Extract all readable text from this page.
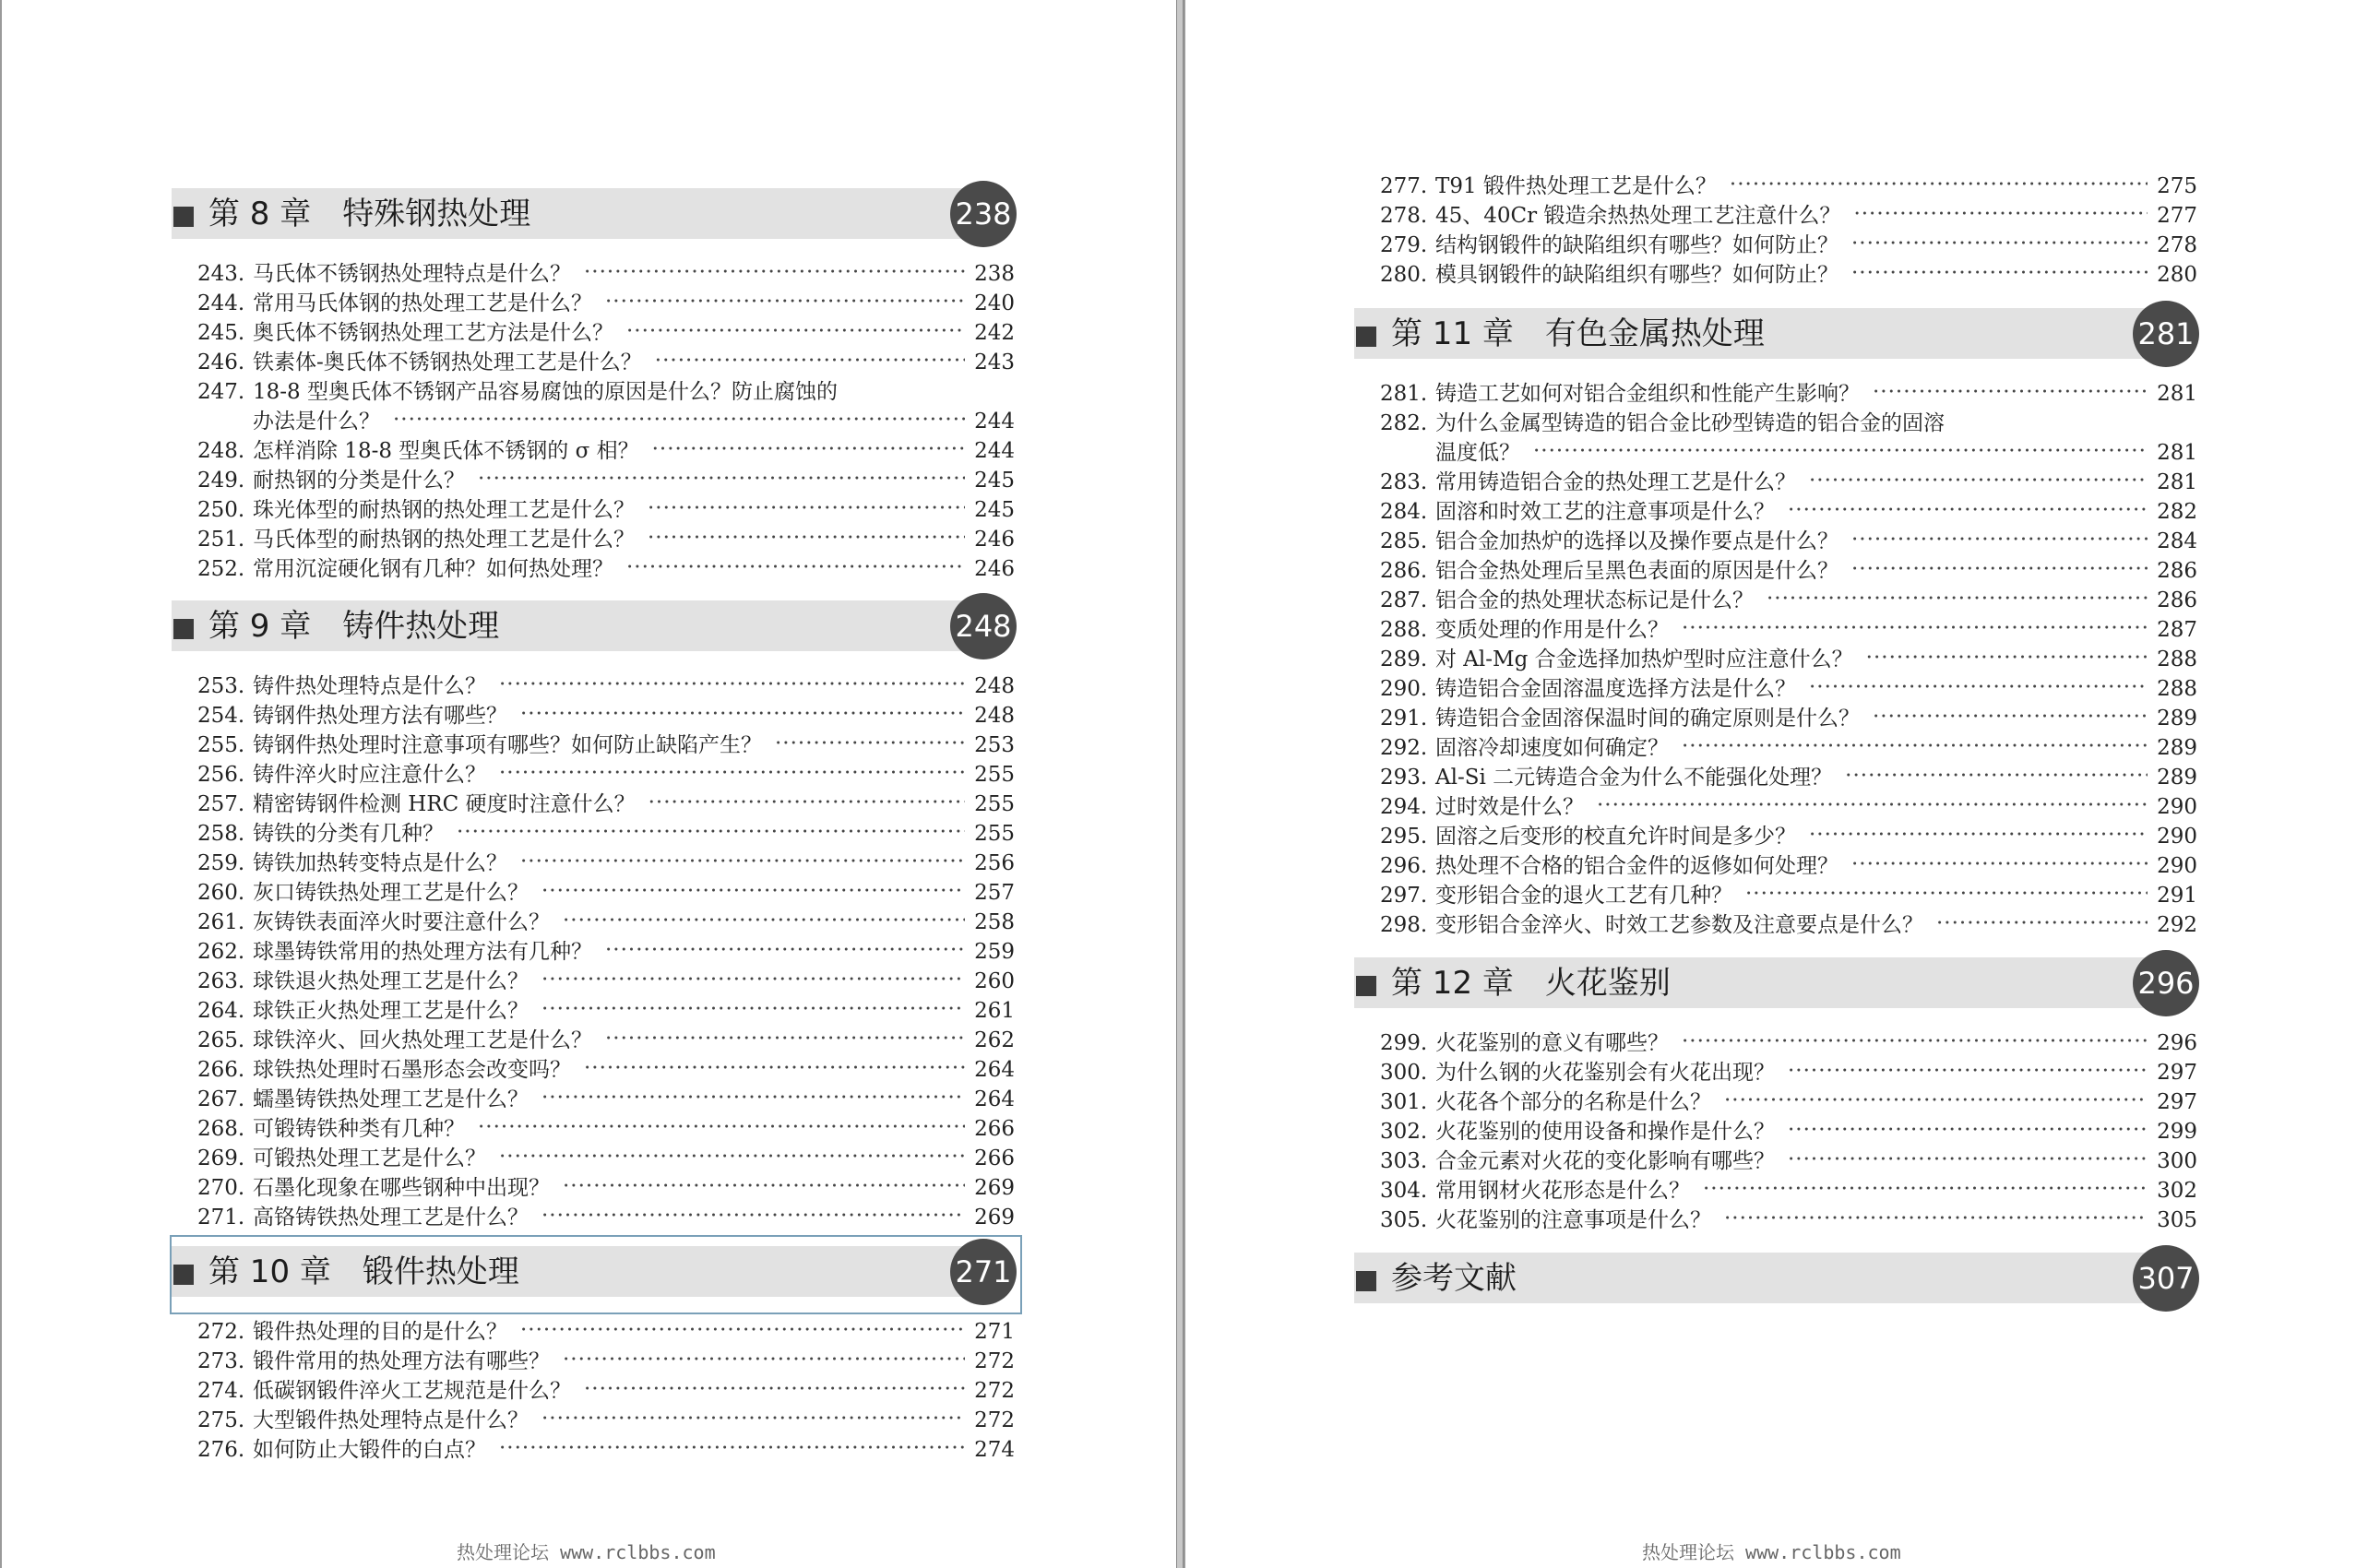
第 8 章　特殊钢热处理	238
243. 马氏体不锈钢热处理特点是什么？ ·····	238
244. 常用马氏体钢的热处理工艺是什么？ ·····	240
245. 奥氏体不锈钢热处理工艺方法是什么？ ·····	242
246. 铁素体-奥氏体不锈钢热处理工艺是什么？ ·····	243
247. 18-8 型奥氏体不锈钢产品容易腐蚀的原因是什么？防止腐蚀的
办法是什么？ ·····	244
248. 怎样消除 18-8 型奥氏体不锈钢的 σ 相？ ·····	244
249. 耐热钢的分类是什么？ ·····	245
250. 珠光体型的耐热钢的热处理工艺是什么？ ·····	245
251. 马氏体型的耐热钢的热处理工艺是什么？ ·····	246
252. 常用沉淀硬化钢有几种？如何热处理？ ·····	246
第 9 章　铸件热处理	248
253. 铸件热处理特点是什么？ ·····	248
254. 铸钢件热处理方法有哪些？ ·····	248
255. 铸钢件热处理时注意事项有哪些？如何防止缺陷产生？ ·····	253
256. 铸件淬火时应注意什么？ ·····	255
257. 精密铸钢件检测 HRC 硬度时注意什么？ ·····	255
258. 铸铁的分类有几种？ ·····	255
259. 铸铁加热转变特点是什么？ ·····	256
260. 灰口铸铁热处理工艺是什么？ ·····	257
261. 灰铸铁表面淬火时要注意什么？ ·····	258
262. 球墨铸铁常用的热处理方法有几种？ ·····	259
263. 球铁退火热处理工艺是什么？ ·····	260
264. 球铁正火热处理工艺是什么？ ·····	261
265. 球铁淬火、回火热处理工艺是什么？ ·····	262
266. 球铁热处理时石墨形态会改变吗？ ·····	264
267. 蠕墨铸铁热处理工艺是什么？ ·····	264
268. 可锻铸铁种类有几种？ ·····	266
269. 可锻热处理工艺是什么？ ·····	266
270. 石墨化现象在哪些钢种中出现？ ·····	269
271. 高铬铸铁热处理工艺是什么？ ·····	269
第 10 章　锻件热处理	271
272. 锻件热处理的目的是什么？ ·····	271
273. 锻件常用的热处理方法有哪些？ ·····	272
274. 低碳钢锻件淬火工艺规范是什么？ ·····	272
275. 大型锻件热处理特点是什么？ ·····	272
276. 如何防止大锻件的白点？ ·····	274
热处理论坛 www.rclbbs.com
277. T91 锻件热处理工艺是什么？ ·····	275
278. 45、40Cr 锻造余热热处理工艺注意什么？ ·····	277
279. 结构钢锻件的缺陷组织有哪些？如何防止？ ·····	278
280. 模具钢锻件的缺陷组织有哪些？如何防止？ ·····	280
第 11 章　有色金属热处理	281
281. 铸造工艺如何对铝合金组织和性能产生影响？ ·····	281
282. 为什么金属型铸造的铝合金比砂型铸造的铝合金的固溶
温度低？ ·····	281
283. 常用铸造铝合金的热处理工艺是什么？ ·····	281
284. 固溶和时效工艺的注意事项是什么？ ·····	282
285. 铝合金加热炉的选择以及操作要点是什么？ ·····	284
286. 铝合金热处理后呈黑色表面的原因是什么？ ·····	286
287. 铝合金的热处理状态标记是什么？ ·····	286
288. 变质处理的作用是什么？ ·····	287
289. 对 Al-Mg 合金选择加热炉型时应注意什么？ ·····	288
290. 铸造铝合金固溶温度选择方法是什么？ ·····	288
291. 铸造铝合金固溶保温时间的确定原则是什么？ ·····	289
292. 固溶冷却速度如何确定？ ·····	289
293. Al-Si 二元铸造合金为什么不能强化处理？ ·····	289
294. 过时效是什么？ ·····	290
295. 固溶之后变形的校直允许时间是多少？ ·····	290
296. 热处理不合格的铝合金件的返修如何处理？ ·····	290
297. 变形铝合金的退火工艺有几种？ ·····	291
298. 变形铝合金淬火、时效工艺参数及注意要点是什么？ ·····	292
第 12 章　火花鉴别	296
299. 火花鉴别的意义有哪些？ ·····	296
300. 为什么钢的火花鉴别会有火花出现？ ·····	297
301. 火花各个部分的名称是什么？ ·····	297
302. 火花鉴别的使用设备和操作是什么？ ·····	299
303. 合金元素对火花的变化影响有哪些？ ·····	300
304. 常用钢材火花形态是什么？ ·····	302
305. 火花鉴别的注意事项是什么？ ·····	305
参考文献	307
热处理论坛 www.rclbbs.com
